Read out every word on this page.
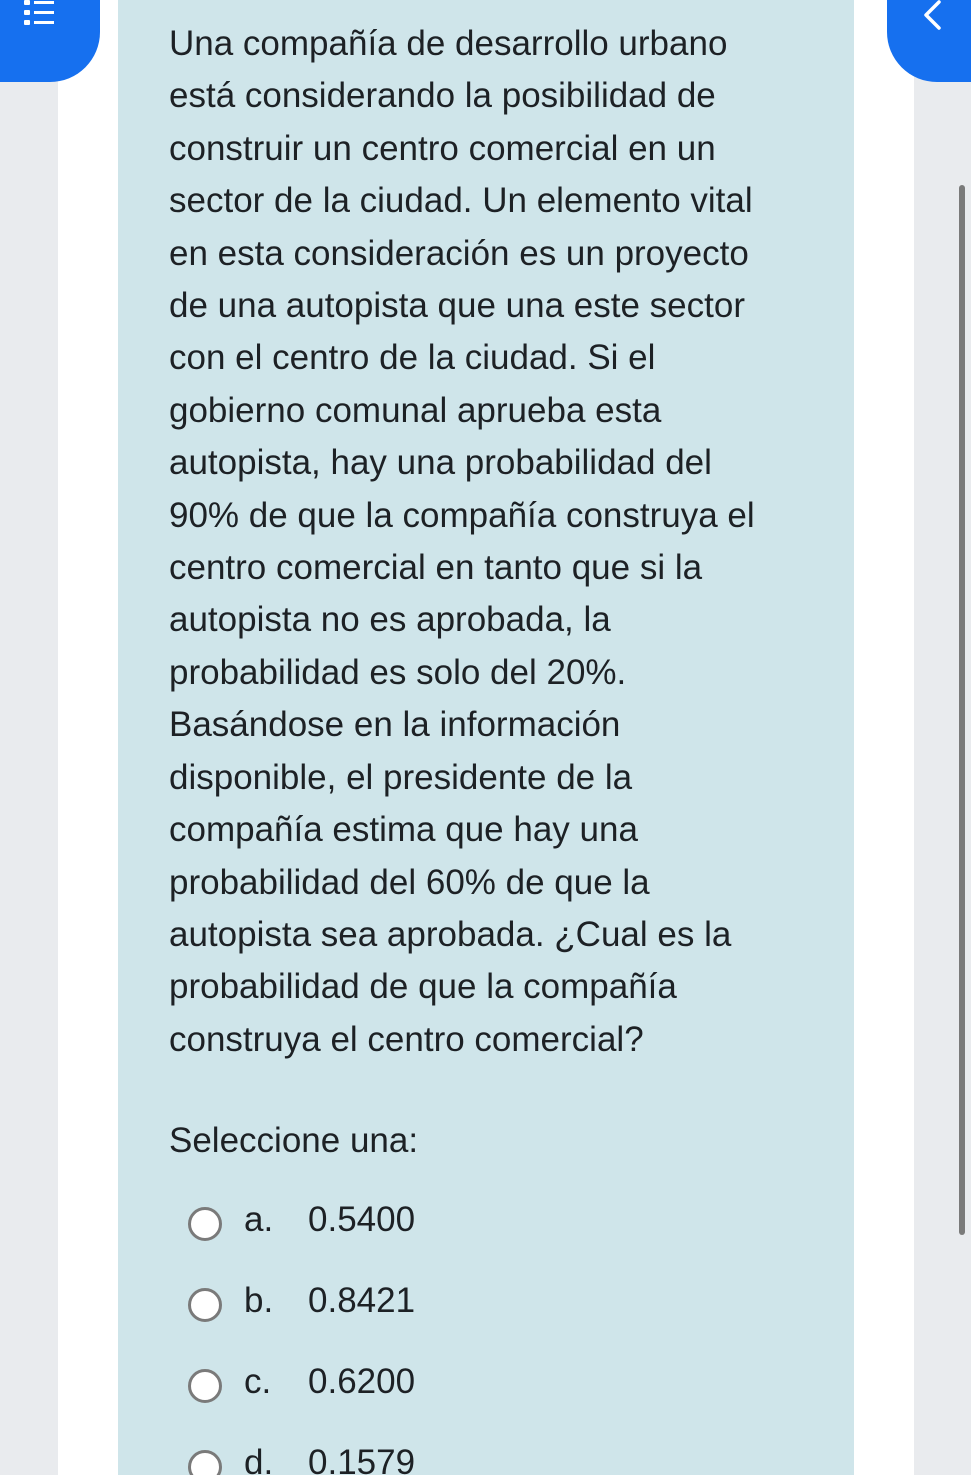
Una compañía de desarrollo urbano
está considerando la posibilidad de
construir un centro comercial en un
sector de la ciudad. Un elemento vital
en esta consideración es un proyecto
de una autopista que una este sector
con el centro de la ciudad. Si el
gobierno comunal aprueba esta
autopista, hay una probabilidad del
90% de que la compañía construya el
centro comercial en tanto que si la
autopista no es aprobada, la
probabilidad es solo del 20%.
Basándose en la información
disponible, el presidente de la
compañía estima que hay una
probabilidad del 60% de que la
autopista sea aprobada. ¿Cual es la
probabilidad de que la compañía
construya el centro comercial?

Seleccione una:

a. 0.5400
b. 0.8421
c. 0.6200
d. 0.1579
